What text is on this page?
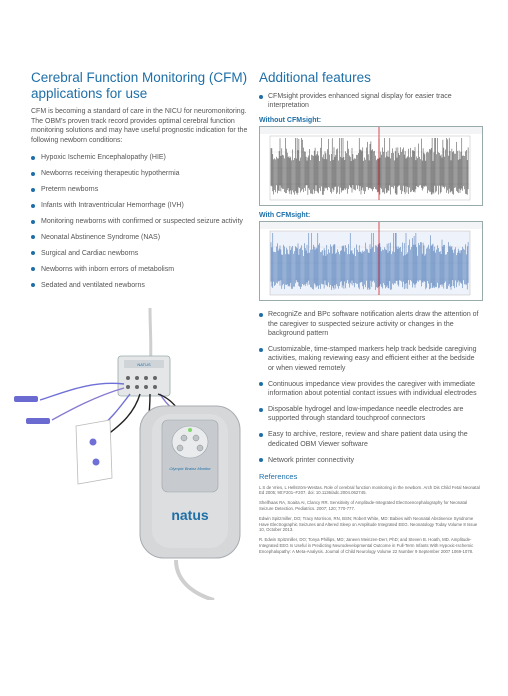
Cerebral Function Monitoring (CFM) applications for use

CFM is becoming a standard of care in the NICU for neuromonitoring. The OBM’s proven track record provides optimal cerebral function monitoring solutions and may have useful prognostic indication for the following newborn conditions:

Hypoxic Ischemic Encephalopathy (HIE)
Newborns receiving therapeutic hypothermia
Preterm newborns
Infants with Intraventricular Hemorrhage (IVH)
Monitoring newborns with confirmed or suspected seizure activity
Neonatal Abstinence Syndrome (NAS)
Surgical and Cardiac newborns
Newborns with inborn errors of metabolism
Sedated and ventilated newborns
NATUS
Olympic Brainz Monitor
natus
Additional features
CFMsight provides enhanced signal display for easier trace interpretation
Without CFMsight:
With CFMsight:
RecogniZe and BPc software notification alerts draw the attention of the caregiver to suspected seizure activity or changes in the background pattern
Customizable, time-stamped markers help track bedside caregiving activities, making reviewing easy and efficient either at the bedside or when viewed remotely
Continuous impedance view provides the caregiver with immediate information about potential contact issues with individual electrodes
Disposable hydrogel and low-impedance needle electrodes are supported through standard touchproof connectors
Easy to archive, restore, review and share patient data using the dedicated OBM Viewer software
Network printer connectivity
References

L S de Vries, L Hellström-Westas. Role of cerebral function monitoring in the newborn. Arch Dis Child Fetal Neonatal Ed 2005; 90:F201–F207. doi: 10.1136/adc.2004.062745.

Shellhaas RA, Soaita AI, Clancy RR. Sensitivity of Amplitude-Integrated Electroencephalography for Neonatal Seizure Detection. Pediatrics. 2007; 120; 770-777.

Edwin Spitzmiller, DO; Tracy Morrison, RN, BSN; Robert White, MD: Babies with Neonatal Abstinence Syndrome Have Electrographic Seizures and Altered Sleep on Amplitude Integrated EEG. Neonatology Today Volume 8 Issue 10, October 2013.

R. Edwin Spitzmiller, DO; Tonya Phillips, MD; Janeen Meinzen-Derr, PhD; and Steven B. Hoath, MD. Amplitude-Integrated EEG Is Useful in Predicting Neurodevelopmental Outcome in Full-Term Infants With Hypoxic-Ischemic Encephalopathy: A Meta-Analysis. Journal of Child Neurology Volume 22 Number 9 September 2007 1069-1078.
